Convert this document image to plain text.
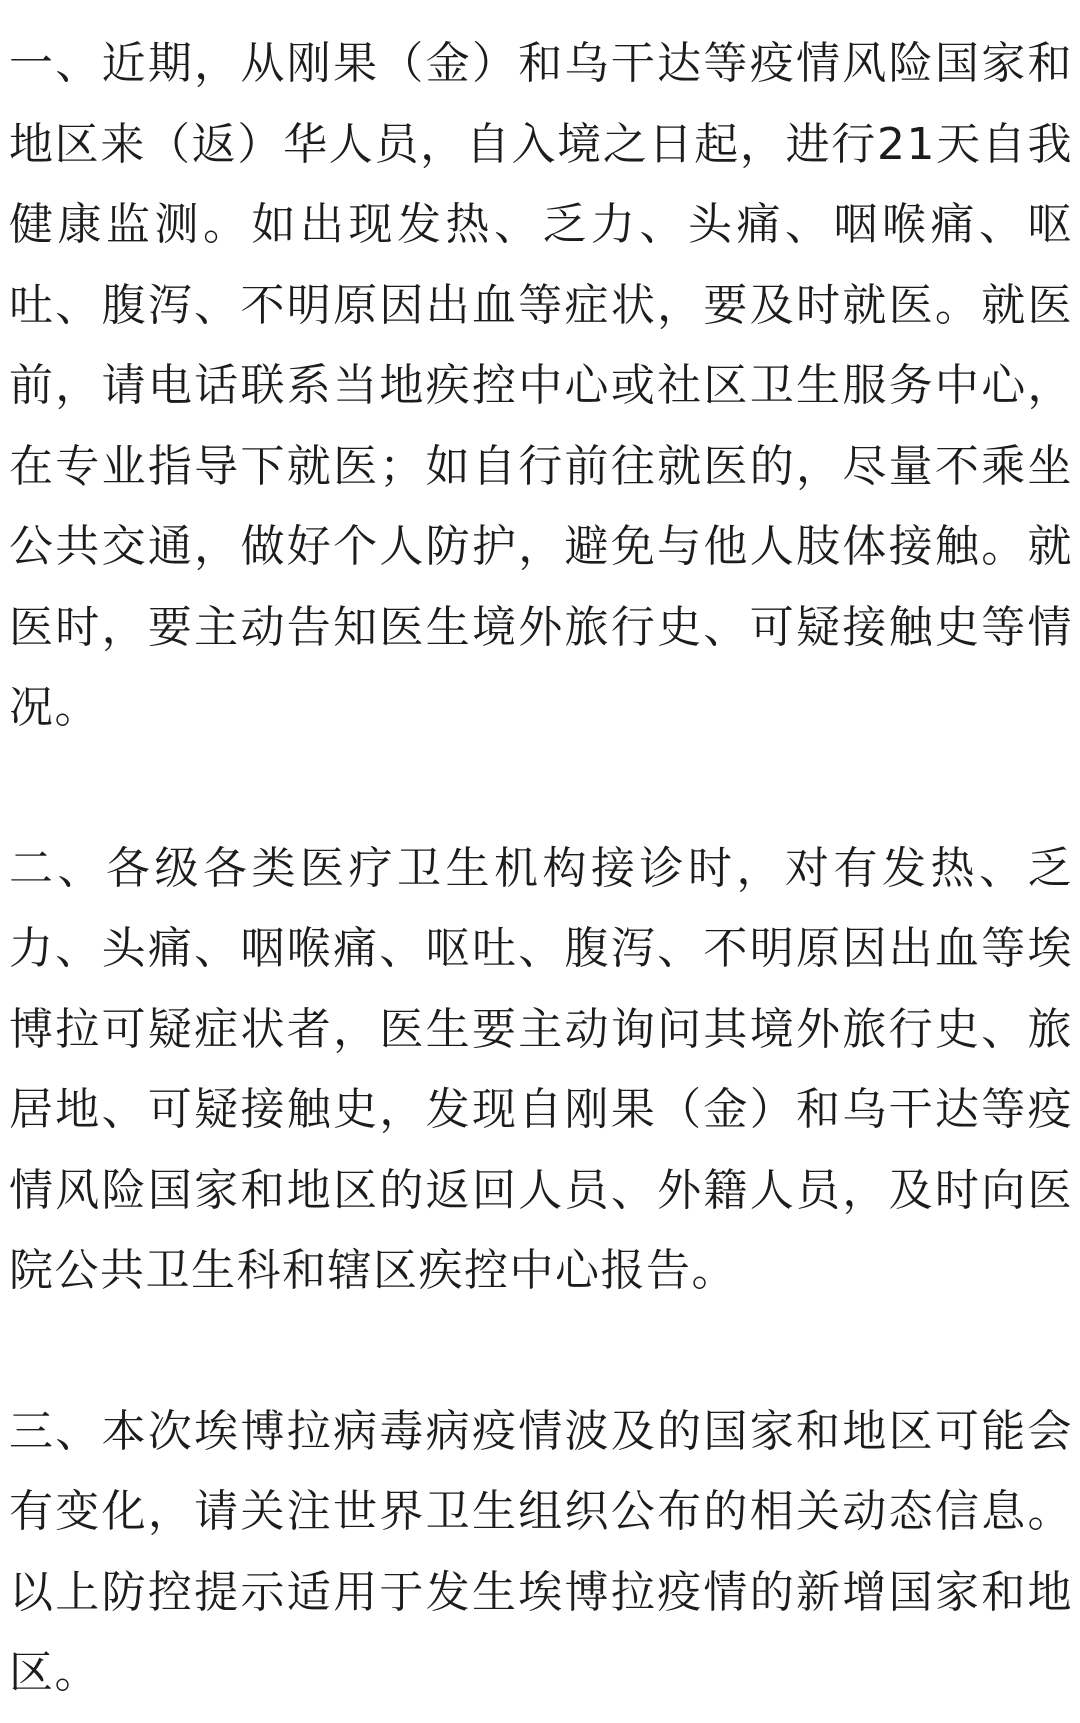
一、近期，从刚果（金）和乌干达等疫情风险国家和地区来（返）华人员，自入境之日起，进行21天自我健康监测。如出现发热、乏力、头痛、咽喉痛、呕吐、腹泻、不明原因出血等症状，要及时就医。就医前，请电话联系当地疾控中心或社区卫生服务中心，在专业指导下就医；如自行前往就医的，尽量不乘坐公共交通，做好个人防护，避免与他人肢体接触。就医时，要主动告知医生境外旅行史、可疑接触史等情况。

二、各级各类医疗卫生机构接诊时，对有发热、乏力、头痛、咽喉痛、呕吐、腹泻、不明原因出血等埃博拉可疑症状者，医生要主动询问其境外旅行史、旅居地、可疑接触史，发现自刚果（金）和乌干达等疫情风险国家和地区的返回人员、外籍人员，及时向医院公共卫生科和辖区疾控中心报告。

三、本次埃博拉病毒病疫情波及的国家和地区可能会有变化，请关注世界卫生组织公布的相关动态信息。以上防控提示适用于发生埃博拉疫情的新增国家和地区。
